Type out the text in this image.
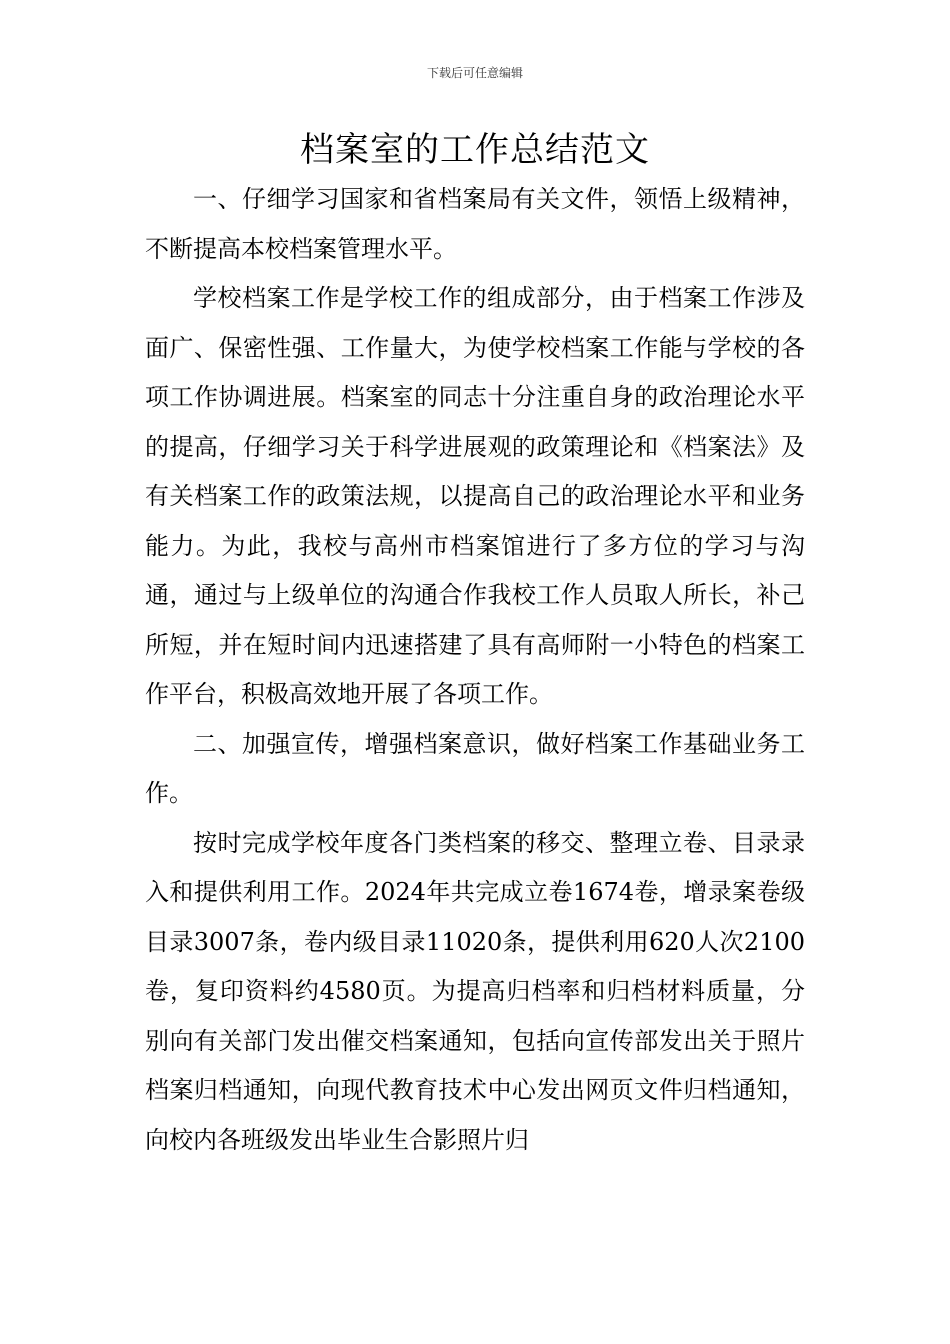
下载后可任意编辑
档案室的工作总结范文

一、仔细学习国家和省档案局有关文件，领悟上级精神，不断提高本校档案管理水平。

学校档案工作是学校工作的组成部分，由于档案工作涉及面广、保密性强、工作量大，为使学校档案工作能与学校的各项工作协调进展。档案室的同志十分注重自身的政治理论水平的提高，仔细学习关于科学进展观的政策理论和《档案法》及有关档案工作的政策法规，以提高自己的政治理论水平和业务能力。为此，我校与高州市档案馆进行了多方位的学习与沟通，通过与上级单位的沟通合作我校工作人员取人所长，补己所短，并在短时间内迅速搭建了具有高师附一小特色的档案工作平台，积极高效地开展了各项工作。

二、加强宣传，增强档案意识，做好档案工作基础业务工作。

按时完成学校年度各门类档案的移交、整理立卷、目录录入和提供利用工作。2024年共完成立卷1674卷，增录案卷级目录3007条，卷内级目录11020条，提供利用620人次2100卷，复印资料约4580页。为提高归档率和归档材料质量，分别向有关部门发出催交档案通知，包括向宣传部发出关于照片档案归档通知，向现代教育技术中心发出网页文件归档通知，向校内各班级发出毕业生合影照片归
